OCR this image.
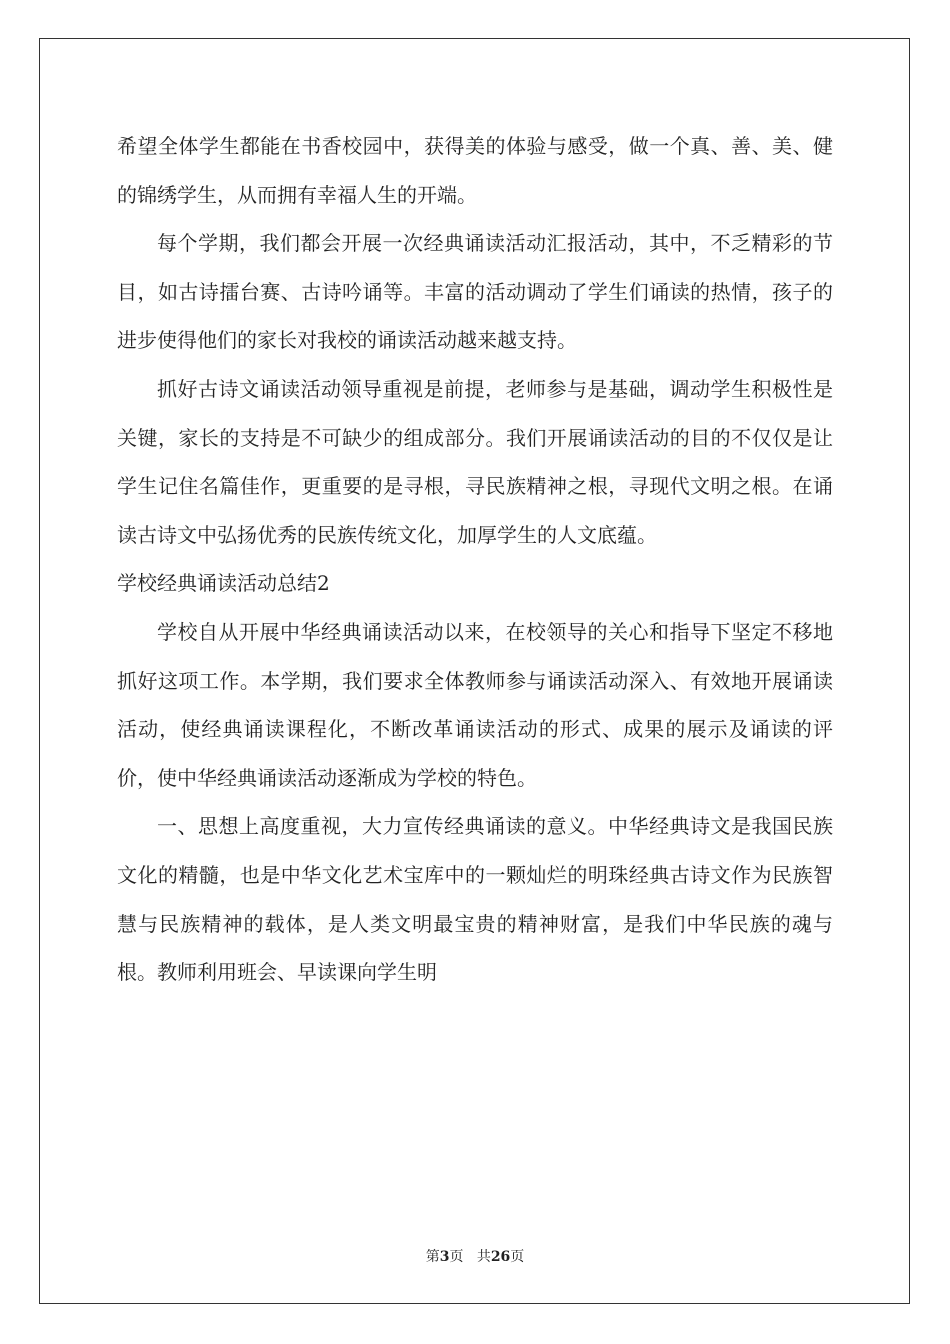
希望全体学生都能在书香校园中，获得美的体验与感受，做一个真、善、美、健的锦绣学生，从而拥有幸福人生的开端。

每个学期，我们都会开展一次经典诵读活动汇报活动，其中，不乏精彩的节目，如古诗擂台赛、古诗吟诵等。丰富的活动调动了学生们诵读的热情，孩子的进步使得他们的家长对我校的诵读活动越来越支持。

抓好古诗文诵读活动领导重视是前提，老师参与是基础，调动学生积极性是关键，家长的支持是不可缺少的组成部分。我们开展诵读活动的目的不仅仅是让学生记住名篇佳作，更重要的是寻根，寻民族精神之根，寻现代文明之根。在诵读古诗文中弘扬优秀的民族传统文化，加厚学生的人文底蕴。

学校经典诵读活动总结2

学校自从开展中华经典诵读活动以来，在校领导的关心和指导下坚定不移地抓好这项工作。本学期，我们要求全体教师参与诵读活动深入、有效地开展诵读活动，使经典诵读课程化，不断改革诵读活动的形式、成果的展示及诵读的评价，使中华经典诵读活动逐渐成为学校的特色。

一、思想上高度重视，大力宣传经典诵读的意义。中华经典诗文是我国民族文化的精髓，也是中华文化艺术宝库中的一颗灿烂的明珠经典古诗文作为民族智慧与民族精神的载体，是人类文明最宝贵的精神财富，是我们中华民族的魂与根。教师利用班会、早读课向学生明

第3页 共26页
